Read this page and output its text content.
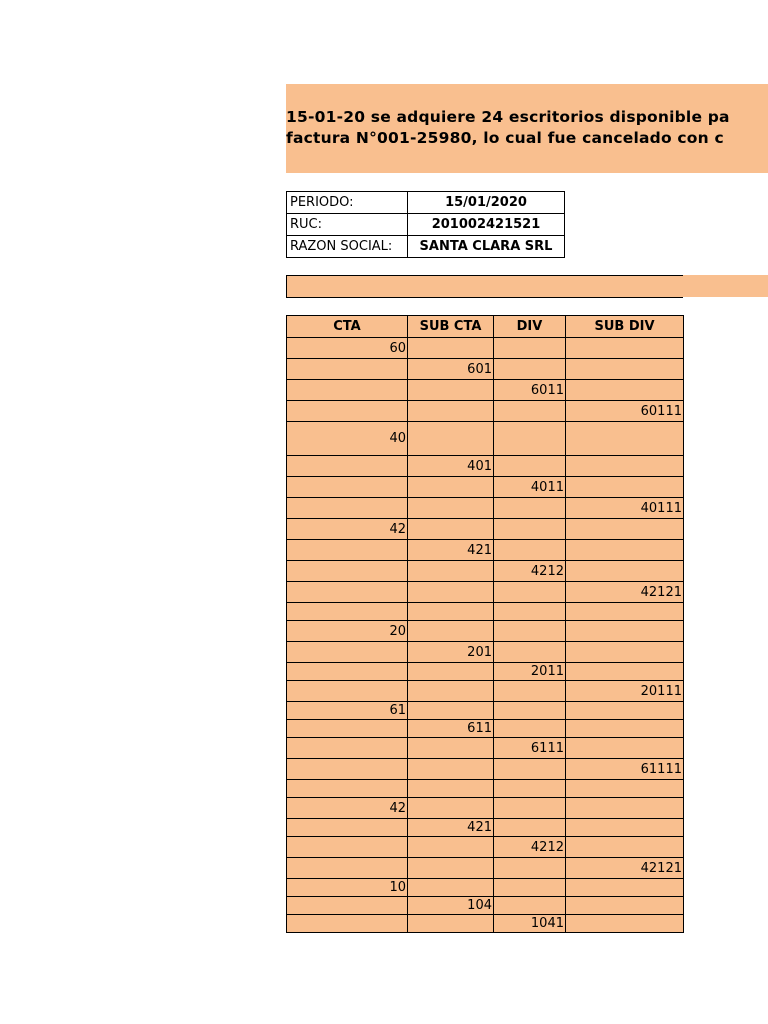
15-01-20 se adquiere 24 escritorios disponible pa
factura N°001-25980, lo cual fue cancelado con c
PERIODO:	15/01/2020
RUC:	201002421521
RAZON SOCIAL:	SANTA CLARA SRL
CTA	SUB CTA	DIV	SUB DIV
60			
	601		
		6011	
			60111
40			
	401		
		4011	
			40111
42			
	421		
		4212	
			42121

20			
	201		
		2011	
			20111
61			
	611		
		6111	
			61111

42			
	421		
		4212	
			42121
10			
	104		
		1041	
